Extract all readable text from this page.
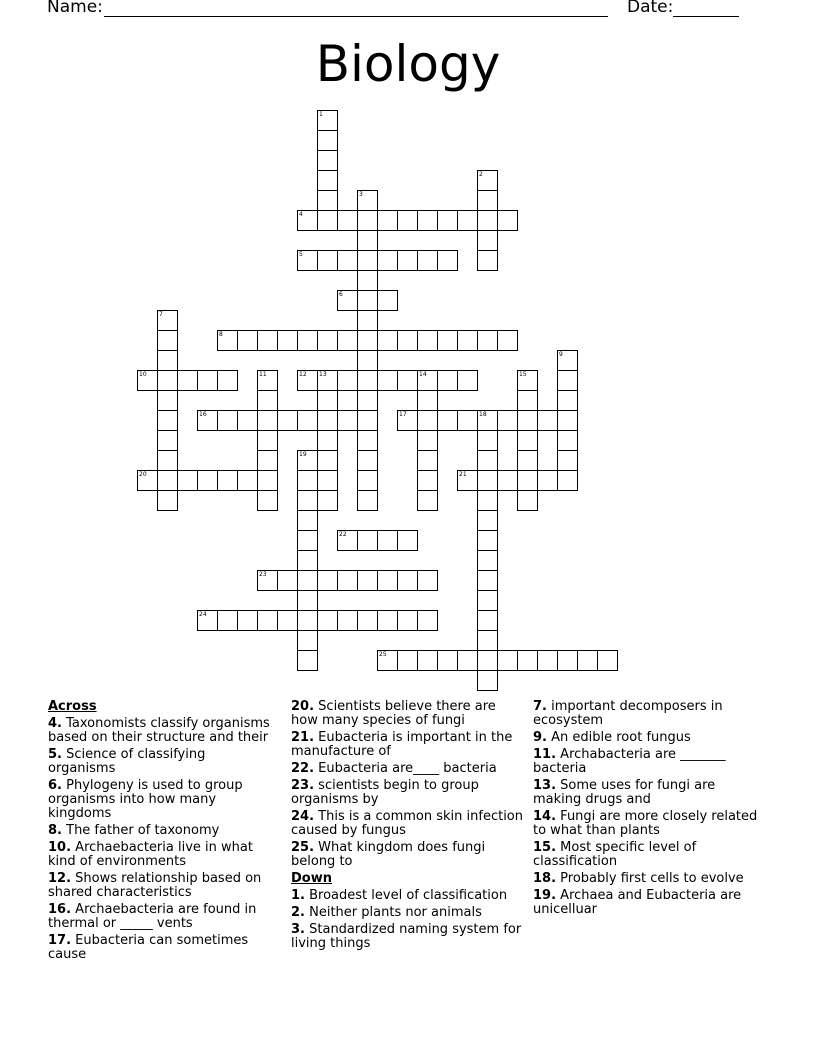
Name:	Date:
Biology
1
2
3
4
5
6
7
8
9
10	11	12 13	14	15
16	17	18
19
20	21
22
23
24
25
Across
4. Taxonomists classify organisms based on their structure and their
5. Science of classifying organisms
6. Phylogeny is used to group organisms into how many kingdoms
8. The father of taxonomy
10. Archaebacteria live in what kind of environments
12. Shows relationship based on shared characteristics
16. Archaebacteria are found in thermal or _____ vents
17. Eubacteria can sometimes cause
20. Scientists believe there are how many species of fungi
21. Eubacteria is important in the manufacture of
22. Eubacteria are____ bacteria
23. scientists begin to group organisms by
24. This is a common skin infection caused by fungus
25. What kingdom does fungi belong to
Down
1. Broadest level of classification
2. Neither plants nor animals
3. Standardized naming system for living things
7. important decomposers in ecosystem
9. An edible root fungus
11. Archabacteria are _______ bacteria
13. Some uses for fungi are making drugs and
14. Fungi are more closely related to what than plants
15. Most specific level of classification
18. Probably first cells to evolve
19. Archaea and Eubacteria are unicelluar
